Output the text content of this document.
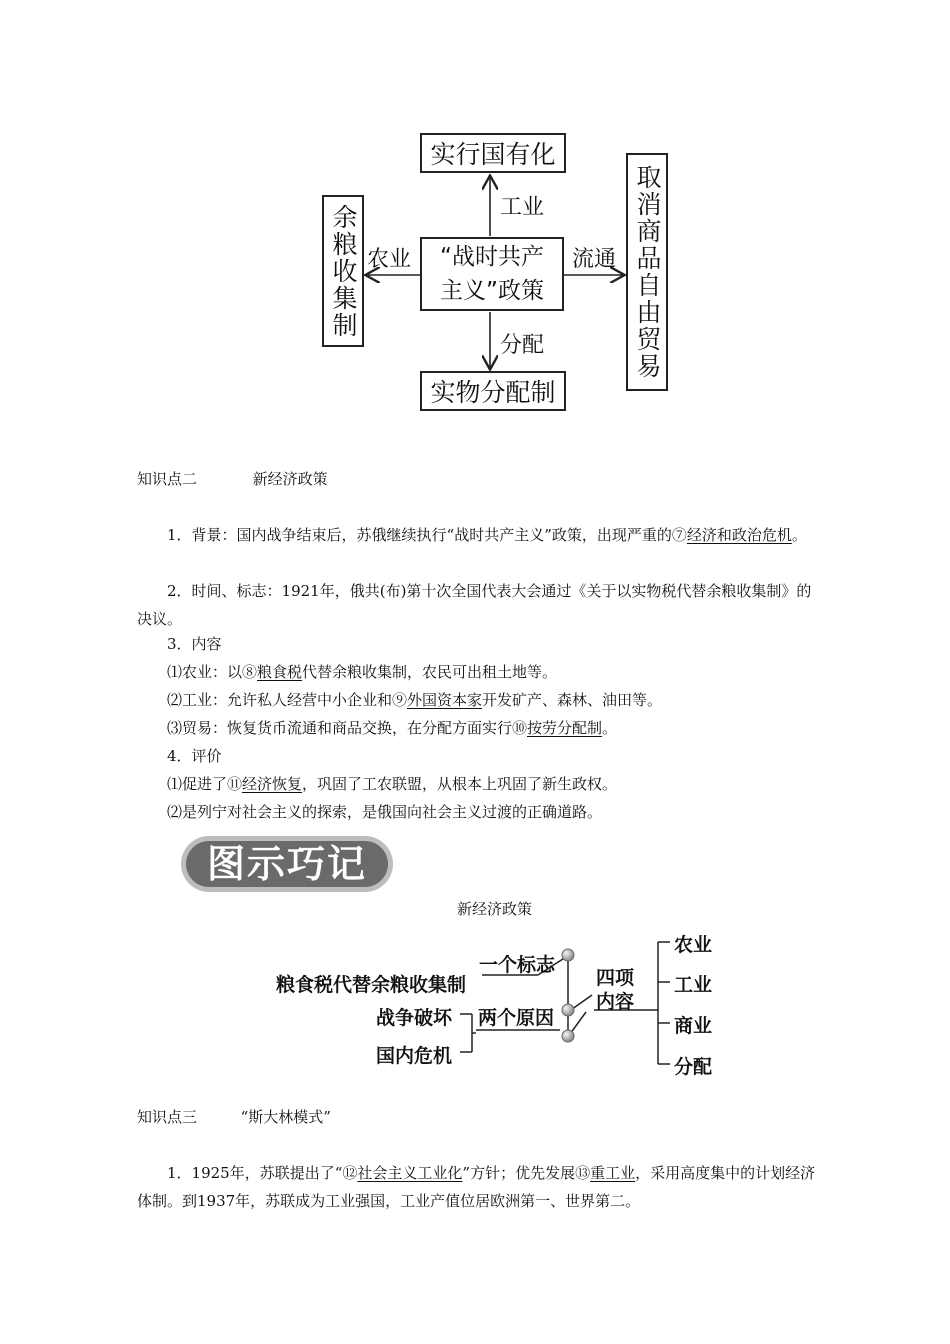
实行国有化
实物分配制
余粮收集制	取消商品自由贸易
“战时共产
主义”政策
工业
分配
农业	流通
知识点二	新经济政策
1．背景：国内战争结束后，苏俄继续执行“战时共产主义”政策，出现严重的⑦经济和政治危机。
2．时间、标志：1921年，俄共(布)第十次全国代表大会通过《关于以实物税代替余粮收集制》的决议。
3．内容
⑴农业：以⑧粮食税代替余粮收集制，农民可出租土地等。
⑵工业：允许私人经营中小企业和⑨外国资本家开发矿产、森林、油田等。
⑶贸易：恢复货币流通和商品交换，在分配方面实行⑩按劳分配制。
4．评价
⑴促进了⑪经济恢复，巩固了工农联盟，从根本上巩固了新生政权。
⑵是列宁对社会主义的探索，是俄国向社会主义过渡的正确道路。
图示巧记
新经济政策
一个标志
粮食税代替余粮收集制
两个原因
战争破坏
国内危机
四项
内容
农业
工业
商业
分配
知识点三	“斯大林模式”
1．1925年，苏联提出了“⑫社会主义工业化”方针；优先发展⑬重工业，采用高度集中的计划经济体制。到1937年，苏联成为工业强国，工业产值位居欧洲第一、世界第二。
